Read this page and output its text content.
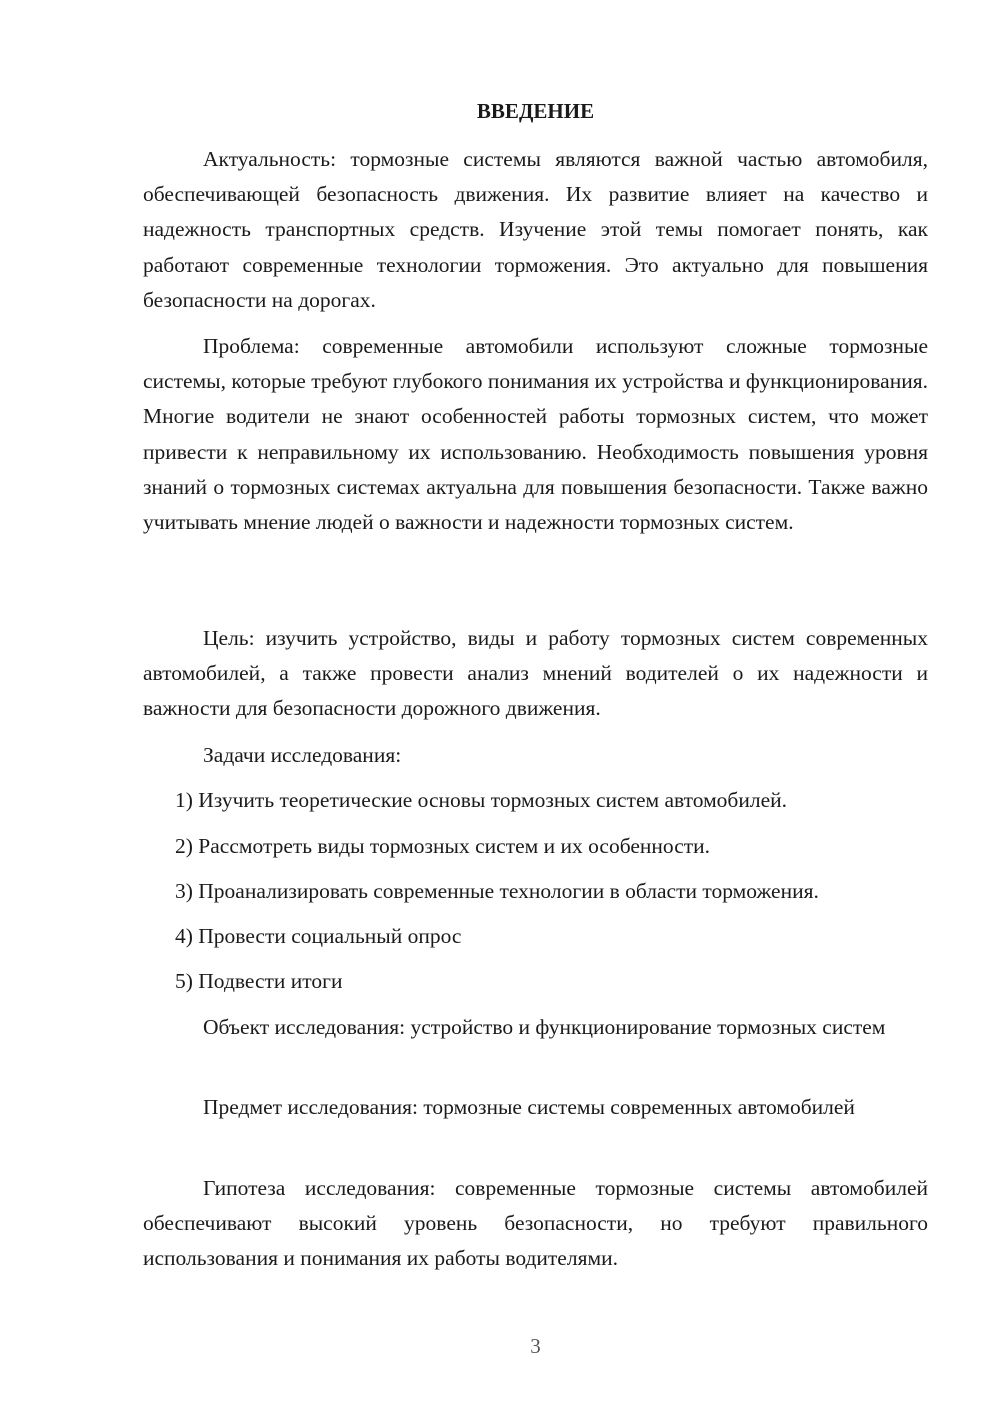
ВВЕДЕНИЕ

Актуальность: тормозные системы являются важной частью автомобиля, обеспечивающей безопасность движения. Их развитие влияет на качество и надежность транспортных средств. Изучение этой темы помогает понять, как работают современные технологии торможения. Это актуально для повышения безопасности на дорогах.

Проблема: современные автомобили используют сложные тормозные системы, которые требуют глубокого понимания их устройства и функционирования. Многие водители не знают особенностей работы тормозных систем, что может привести к неправильному их использованию. Необходимость повышения уровня знаний о тормозных системах актуальна для повышения безопасности. Также важно учитывать мнение людей о важности и надежности тормозных систем.

Цель: изучить устройство, виды и работу тормозных систем современных автомобилей, а также провести анализ мнений водителей о их надежности и важности для безопасности дорожного движения.

Задачи исследования:

1) Изучить теоретические основы тормозных систем автомобилей.

2) Рассмотреть виды тормозных систем и их особенности.

3) Проанализировать современные технологии в области торможения.

4) Провести социальный опрос

5) Подвести итоги

Объект исследования: устройство и функционирование тормозных систем

Предмет исследования: тормозные системы современных автомобилей

Гипотеза исследования: современные тормозные системы автомобилей обеспечивают высокий уровень безопасности, но требуют правильного использования и понимания их работы водителями.

3
